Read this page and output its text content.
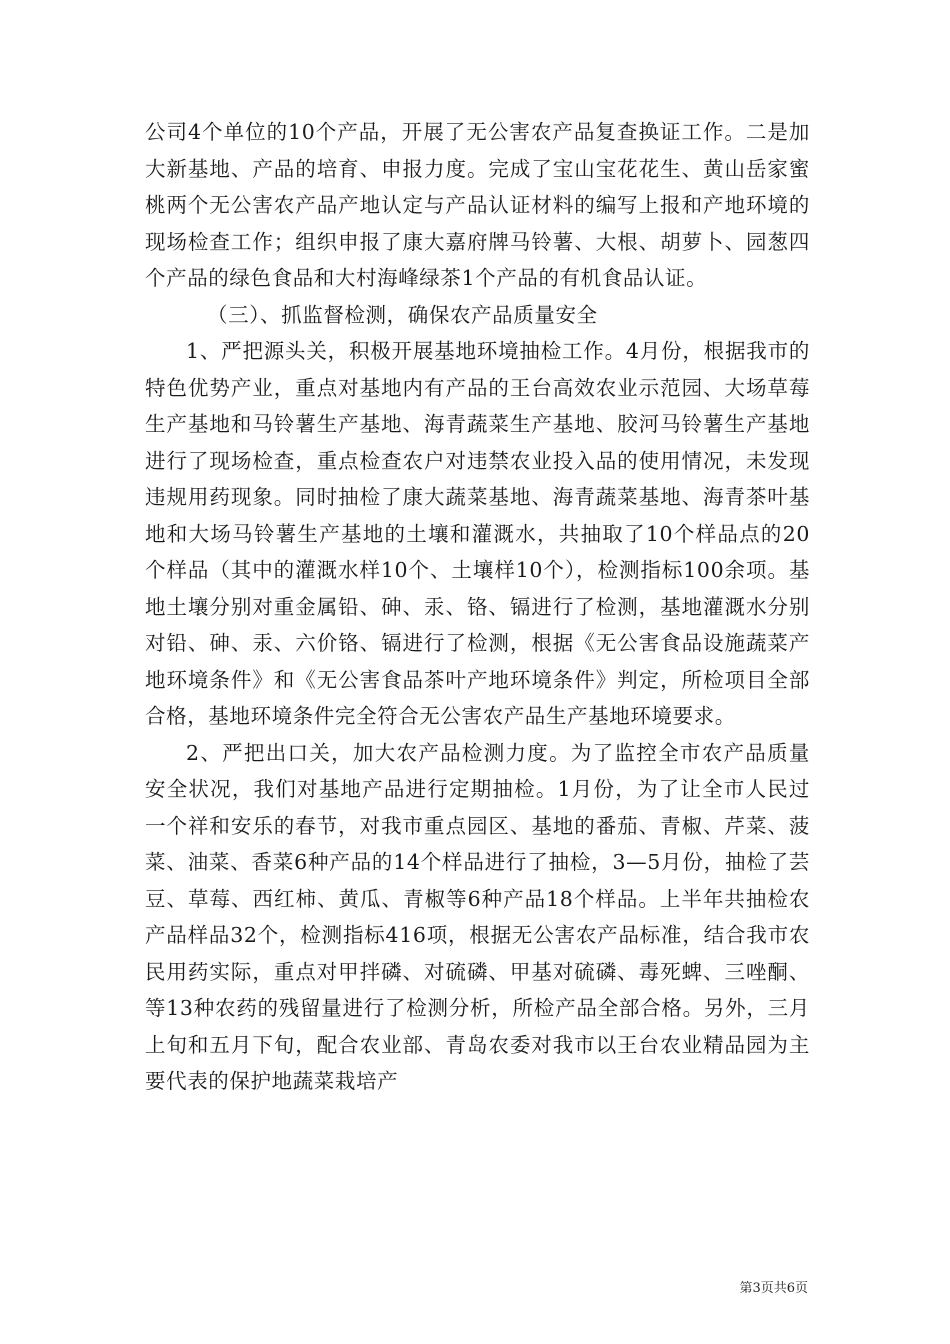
公司4个单位的10个产品，开展了无公害农产品复查换证工作。二是加大新基地、产品的培育、申报力度。完成了宝山宝花花生、黄山岳家蜜桃两个无公害农产品产地认定与产品认证材料的编写上报和产地环境的现场检查工作；组织申报了康大嘉府牌马铃薯、大根、胡萝卜、园葱四个产品的绿色食品和大村海峰绿茶1个产品的有机食品认证。

（三）、抓监督检测，确保农产品质量安全

1、严把源头关，积极开展基地环境抽检工作。4月份，根据我市的特色优势产业，重点对基地内有产品的王台高效农业示范园、大场草莓生产基地和马铃薯生产基地、海青蔬菜生产基地、胶河马铃薯生产基地进行了现场检查，重点检查农户对违禁农业投入品的使用情况，未发现违规用药现象。同时抽检了康大蔬菜基地、海青蔬菜基地、海青茶叶基地和大场马铃薯生产基地的土壤和灌溉水，共抽取了10个样品点的20个样品（其中的灌溉水样10个、土壤样10个），检测指标100余项。基地土壤分别对重金属铅、砷、汞、铬、镉进行了检测，基地灌溉水分别对铅、砷、汞、六价铬、镉进行了检测，根据《无公害食品设施蔬菜产地环境条件》和《无公害食品茶叶产地环境条件》判定，所检项目全部合格，基地环境条件完全符合无公害农产品生产基地环境要求。

2、严把出口关，加大农产品检测力度。为了监控全市农产品质量安全状况，我们对基地产品进行定期抽检。1月份，为了让全市人民过一个祥和安乐的春节，对我市重点园区、基地的番茄、青椒、芹菜、菠菜、油菜、香菜6种产品的14个样品进行了抽检，3—5月份，抽检了芸豆、草莓、西红柿、黄瓜、青椒等6种产品18个样品。上半年共抽检农产品样品32个，检测指标416项，根据无公害农产品标准，结合我市农民用药实际，重点对甲拌磷、对硫磷、甲基对硫磷、毒死蜱、三唑酮、等13种农药的残留量进行了检测分析，所检产品全部合格。另外，三月上旬和五月下旬，配合农业部、青岛农委对我市以王台农业精品园为主要代表的保护地蔬菜栽培产

第3页共6页
